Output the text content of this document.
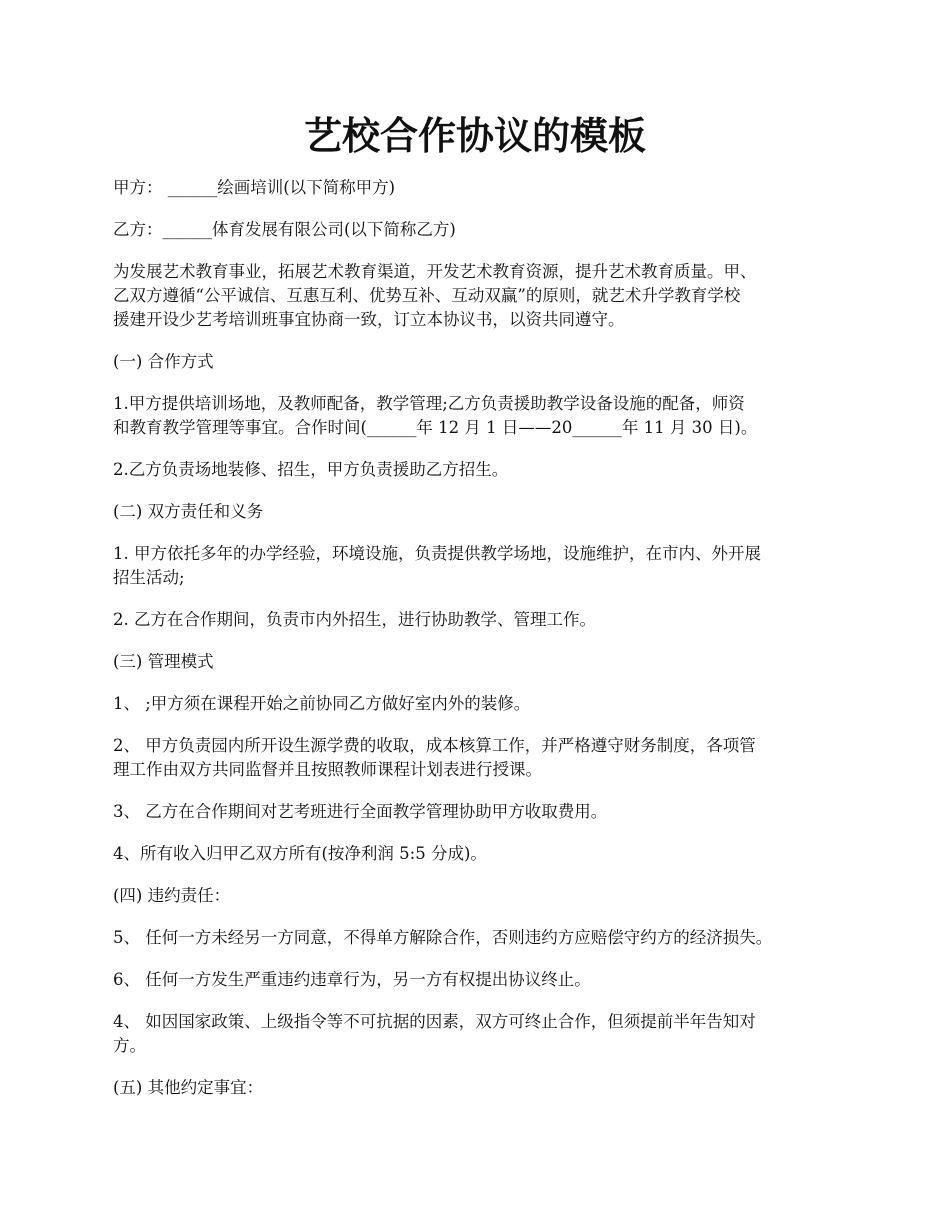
艺校合作协议的模板

甲方： ______绘画培训(以下简称甲方)

乙方：______体育发展有限公司(以下简称乙方)

为发展艺术教育事业，拓展艺术教育渠道，开发艺术教育资源，提升艺术教育质量。甲、
乙双方遵循“公平诚信、互惠互利、优势互补、互动双赢”的原则，就艺术升学教育学校
援建开设少艺考培训班事宜协商一致，订立本协议书，以资共同遵守。

(一) 合作方式

1.甲方提供培训场地，及教师配备，教学管理;乙方负责援助教学设备设施的配备，师资
和教育教学管理等事宜。合作时间(______年 12 月 1 日——20______年 11 月 30 日)。

2.乙方负责场地装修、招生，甲方负责援助乙方招生。

(二) 双方责任和义务

1. 甲方依托多年的办学经验，环境设施，负责提供教学场地，设施维护，在市内、外开展
招生活动;

2. 乙方在合作期间，负责市内外招生，进行协助教学、管理工作。

(三) 管理模式

1、 ;甲方须在课程开始之前协同乙方做好室内外的装修。

2、 甲方负责园内所开设生源学费的收取，成本核算工作，并严格遵守财务制度，各项管
理工作由双方共同监督并且按照教师课程计划表进行授课。

3、 乙方在合作期间对艺考班进行全面教学管理协助甲方收取费用。

4、所有收入归甲乙双方所有(按净利润 5:5 分成)。

(四) 违约责任：

5、 任何一方未经另一方同意，不得单方解除合作，否则违约方应赔偿守约方的经济损失。

6、 任何一方发生严重违约违章行为，另一方有权提出协议终止。

4、 如因国家政策、上级指令等不可抗据的因素，双方可终止合作，但须提前半年告知对
方。

(五) 其他约定事宜：
